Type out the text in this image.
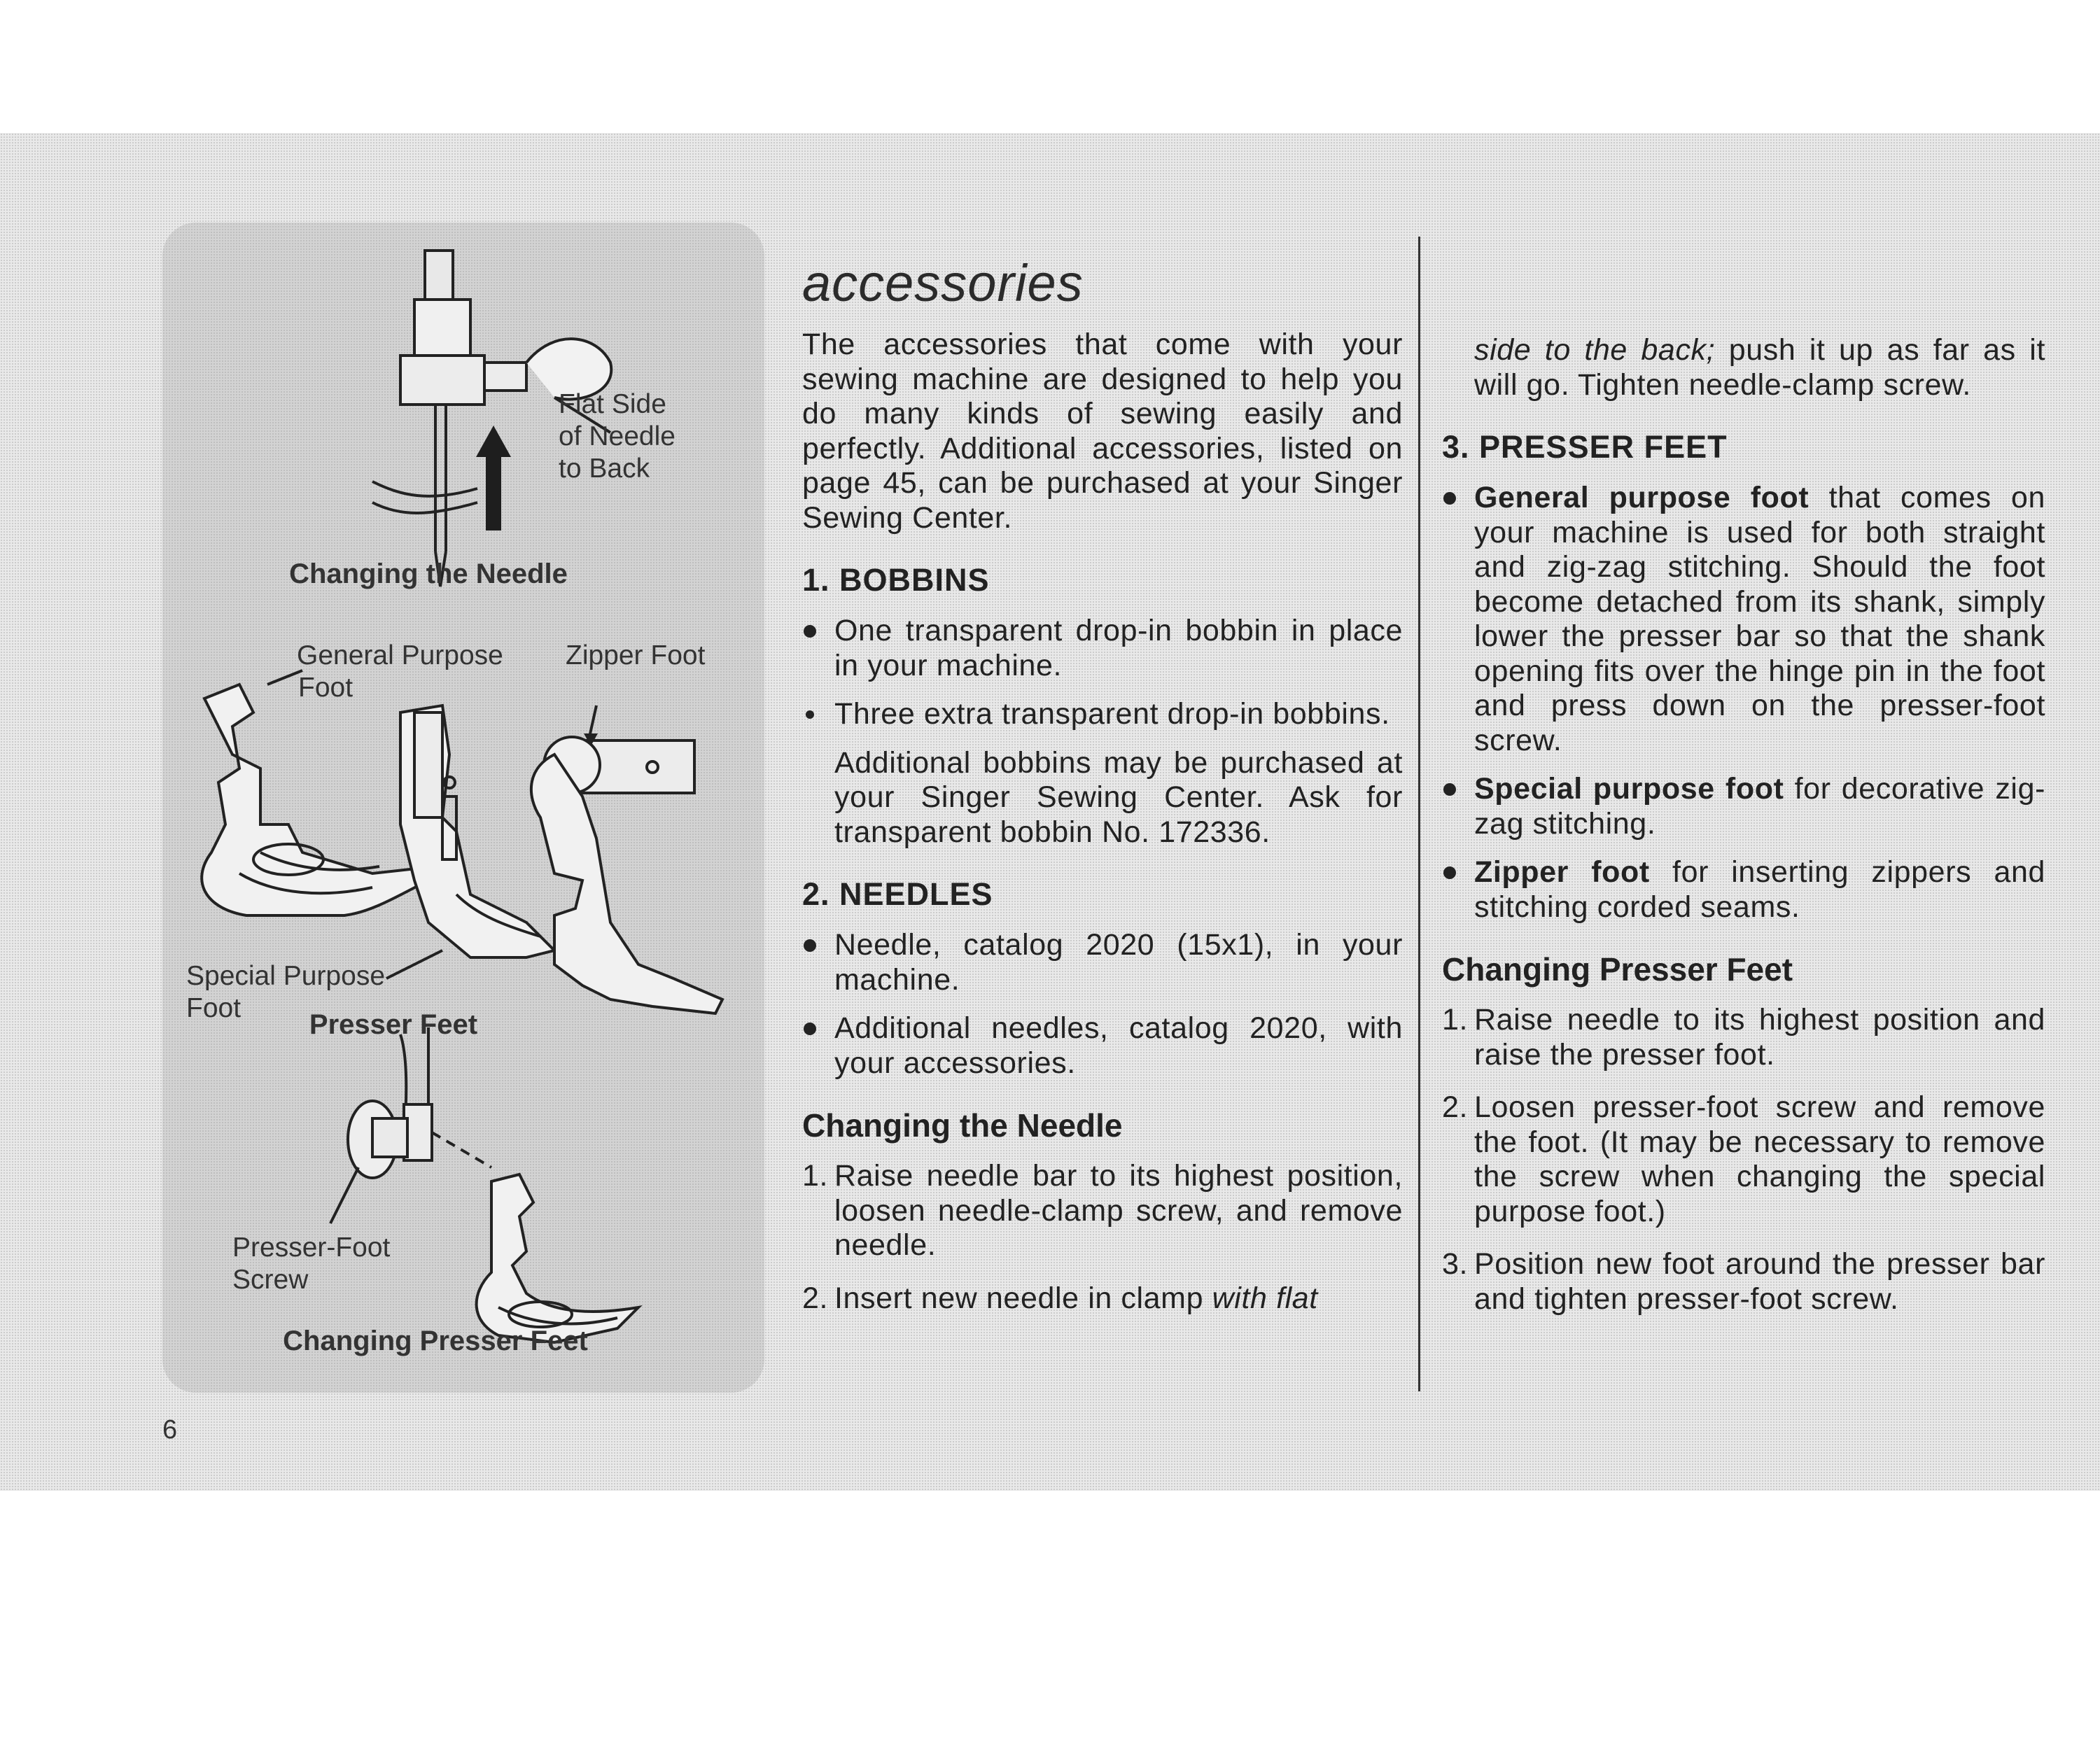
Flat Side
of Needle
to Back
Changing the Needle
General Purpose
Foot
Zipper Foot
Special Purpose
Foot
Presser Feet
Presser-Foot
Screw
Changing Presser Feet
6
accessories

The accessories that come with your sewing machine are designed to help you do many kinds of sewing easily and perfectly. Additional accessories, listed on page 45, can be purchased at your Singer Sewing Center.

1. BOBBINS
One transparent drop-in bobbin in place in your machine.
Three extra transparent drop-in bobbins.
Additional bobbins may be purchased at your Singer Sewing Center. Ask for transparent bobbin No. 172336.
2. NEEDLES
Needle, catalog 2020 (15x1), in your machine.
Additional needles, catalog 2020, with your accessories.
Changing the Needle
1. Raise needle bar to its highest position, loosen needle-clamp screw, and remove needle.
2. Insert new needle in clamp with flat
side to the back; push it up as far as it will go. Tighten needle-clamp screw.
3. PRESSER FEET
General purpose foot that comes on your machine is used for both straight and zig-zag stitching. Should the foot become detached from its shank, simply lower the presser bar so that the shank opening fits over the hinge pin in the foot and press down on the presser-foot screw.
Special purpose foot for decorative zig-zag stitching.
Zipper foot for inserting zippers and stitching corded seams.
Changing Presser Feet
1. Raise needle to its highest position and raise the presser foot.
2. Loosen presser-foot screw and remove the foot. (It may be necessary to remove the screw when changing the special purpose foot.)
3. Position new foot around the presser bar and tighten presser-foot screw.
